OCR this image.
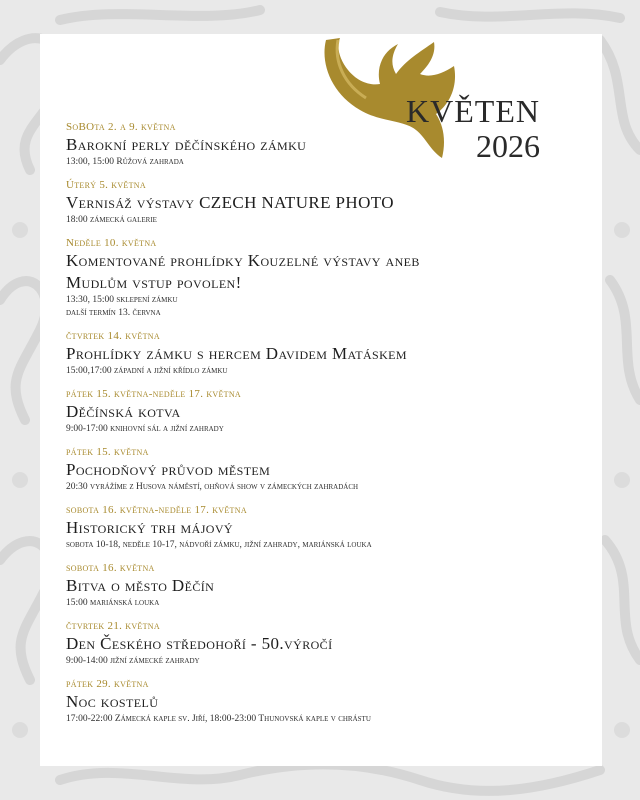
KVĚTEN
2026
SoBOta 2. a 9. května
Barokní perly děčínského zámku
13:00, 15:00 Růžová zahrada
Úterý 5. května
Vernisáž výstavy CZECH NATURE PHOTO
18:00 zámecká galerie
Neděle 10. května
Komentované prohlídky Kouzelné výstavy aneb Mudlům vstup povolen!
13:30, 15:00 sklepení zámku
další termín 13. června
čtvrtek 14. května
Prohlídky zámku s hercem Davidem Matáskem
15:00,17:00 západní a jižní křídlo zámku
pátek 15. května-neděle 17. května
Děčínská kotva
9:00-17:00 knihovní sál a jižní zahrady
pátek 15. května
Pochodňový průvod městem
20:30 vyrážíme z Husova náměstí, ohňová show v zámeckých zahradách
sobota 16. května-neděle 17. května
Historický trh májový
sobota 10-18, neděle 10-17, nádvoří zámku, jižní zahrady, mariánská louka
sobota 16. května
Bitva o město Děčín
15:00 mariánská louka
čtvrtek 21. května
Den Českého středohoří - 50.výročí
9:00-14:00 jižní zámecké zahrady
pátek 29. května
Noc kostelů
17:00-22:00 Zámecká kaple sv. Jiří, 18:00-23:00 Thunovská kaple v chrástu
